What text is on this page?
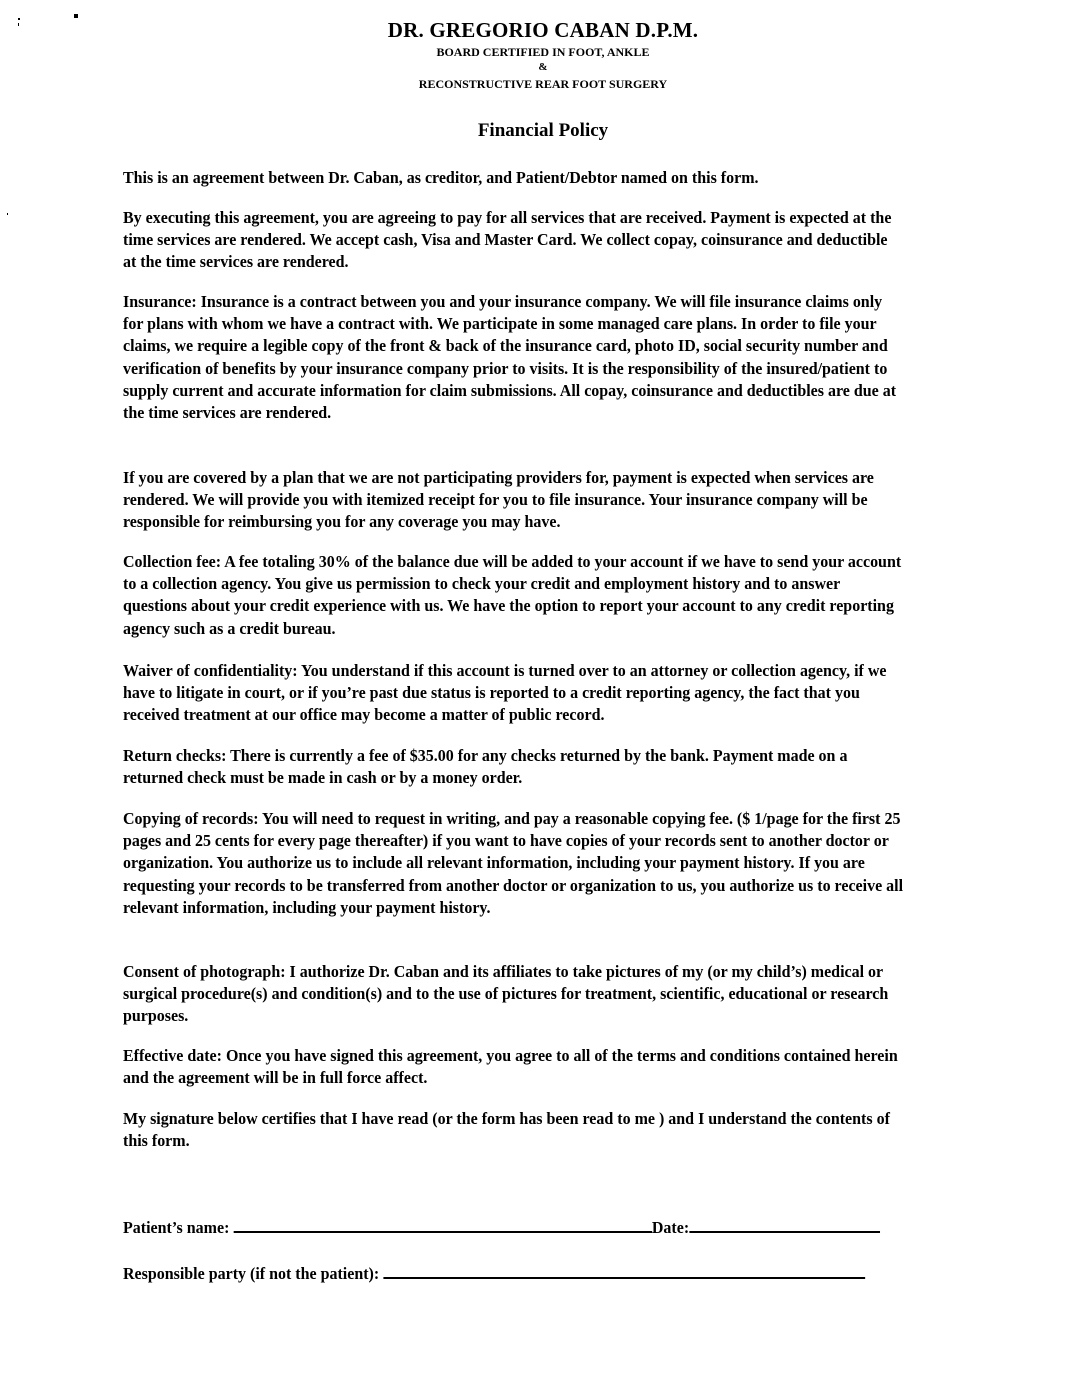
DR. GREGORIO CABAN D.P.M.
BOARD CERTIFIED IN FOOT, ANKLE
&
RECONSTRUCTIVE REAR FOOT SURGERY
Financial Policy

This is an agreement between Dr. Caban, as creditor, and Patient/Debtor named on this form.

By executing this agreement, you are agreeing to pay for all services that are received. Payment is expected at the time services are rendered. We accept cash, Visa and Master Card. We collect copay, coinsurance and deductible at the time services are rendered.

Insurance: Insurance is a contract between you and your insurance company. We will file insurance claims only for plans with whom we have a contract with. We participate in some managed care plans. In order to file your claims, we require a legible copy of the front & back of the insurance card, photo ID, social security number and verification of benefits by your insurance company prior to visits. It is the responsibility of the insured/patient to supply current and accurate information for claim submissions. All copay, coinsurance and deductibles are due at the time services are rendered.

If you are covered by a plan that we are not participating providers for, payment is expected when services are rendered. We will provide you with itemized receipt for you to file insurance. Your insurance company will be responsible for reimbursing you for any coverage you may have.

Collection fee: A fee totaling 30% of the balance due will be added to your account if we have to send your account to a collection agency. You give us permission to check your credit and employment history and to answer questions about your credit experience with us. We have the option to report your account to any credit reporting agency such as a credit bureau.

Waiver of confidentiality: You understand if this account is turned over to an attorney or collection agency, if we have to litigate in court, or if you’re past due status is reported to a credit reporting agency, the fact that you received treatment at our office may become a matter of public record.

Return checks: There is currently a fee of $35.00 for any checks returned by the bank. Payment made on a returned check must be made in cash or by a money order.

Copying of records: You will need to request in writing, and pay a reasonable copying fee. ($ 1/page for the first 25 pages and 25 cents for every page thereafter) if you want to have copies of your records sent to another doctor or organization. You authorize us to include all relevant information, including your payment history. If you are requesting your records to be transferred from another doctor or organization to us, you authorize us to receive all relevant information, including your payment history.

Consent of photograph: I authorize Dr. Caban and its affiliates to take pictures of my (or my child’s) medical or surgical procedure(s) and condition(s) and to the use of pictures for treatment, scientific, educational or research purposes.

Effective date: Once you have signed this agreement, you agree to all of the terms and conditions contained herein and the agreement will be in full force affect.

My signature below certifies that I have read (or the form has been read to me ) and I understand the contents of this form.

Patient’s name:	Date:
Responsible party (if not the patient):
